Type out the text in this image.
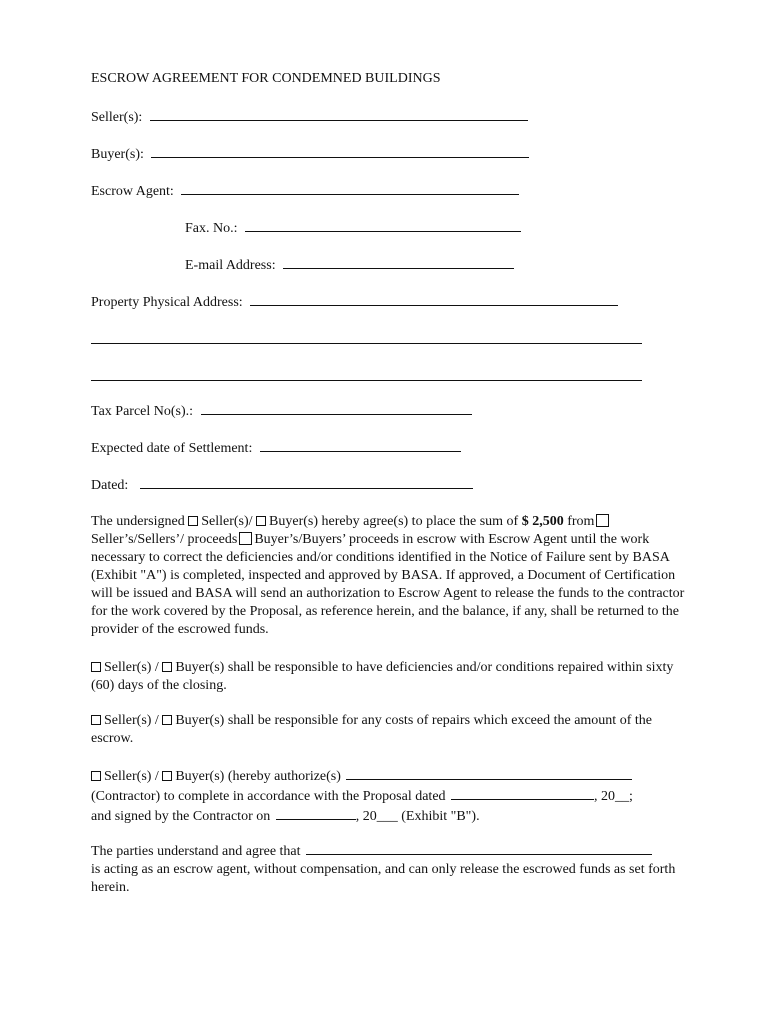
ESCROW AGREEMENT FOR CONDEMNED BUILDINGS
Seller(s):
Buyer(s):
Escrow Agent:
Fax. No.:
E-mail Address:
Property Physical Address:
Tax Parcel No(s).:
Expected date of Settlement:
Dated:
The undersigned Seller(s)/ Buyer(s) hereby agree(s) to place the sum of $ 2,500 from Seller’s/Sellers’/ proceeds Buyer’s/Buyers’ proceeds in escrow with Escrow Agent until the work necessary to correct the deficiencies and/or conditions identified in the Notice of Failure sent by BASA (Exhibit "A") is completed, inspected and approved by BASA. If approved, a Document of Certification will be issued and BASA will send an authorization to Escrow Agent to release the funds to the contractor for the work covered by the Proposal, as reference herein, and the balance, if any, shall be returned to the provider of the escrowed funds.
Seller(s) / Buyer(s) shall be responsible to have deficiencies and/or conditions repaired within sixty (60) days of the closing.
Seller(s) / Buyer(s) shall be responsible for any costs of repairs which exceed the amount of the escrow.
Seller(s) / Buyer(s) (hereby authorize(s)
(Contractor) to complete in accordance with the Proposal dated	, 20__;
and signed by the Contractor on	, 20___ (Exhibit "B").
The parties understand and agree that
is acting as an escrow agent, without compensation, and can only release the escrowed funds as set forth herein.
